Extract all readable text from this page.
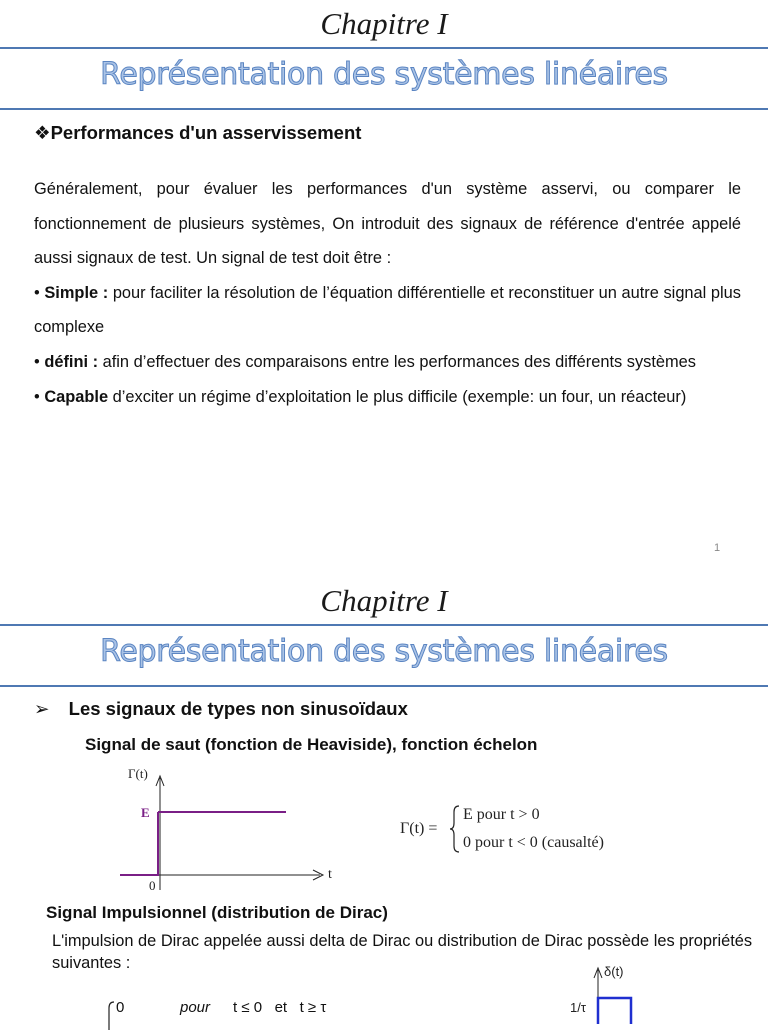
Chapitre I
Représentation des systèmes linéaires
❖Performances d'un asservissement

Généralement, pour évaluer les performances d'un système asservi, ou comparer le fonctionnement de plusieurs systèmes, On introduit des signaux de référence d'entrée appelé aussi signaux de test. Un signal de test doit être :

• Simple : pour faciliter la résolution de l’équation différentielle et reconstituer un autre signal plus complexe

• défini : afin d’effectuer des comparaisons entre les performances des différents systèmes

• Capable d’exciter un régime d’exploitation le plus difficile (exemple: un four, un réacteur)

1
Chapitre I
Représentation des systèmes linéaires
➢ Les signaux de types non sinusoïdaux
Signal de saut (fonction de Heaviside), fonction échelon
Γ(t)
E
0
t
Γ(t) =
E pour t > 0
0 pour t < 0 (causalté)
Signal Impulsionnel (distribution de Dirac)
L'impulsion de Dirac appelée aussi delta de Dirac ou distribution de Dirac possède les propriétés suivantes :
0	pour t ≤ 0   et   t ≥ τ
δ(t)
1/τ
